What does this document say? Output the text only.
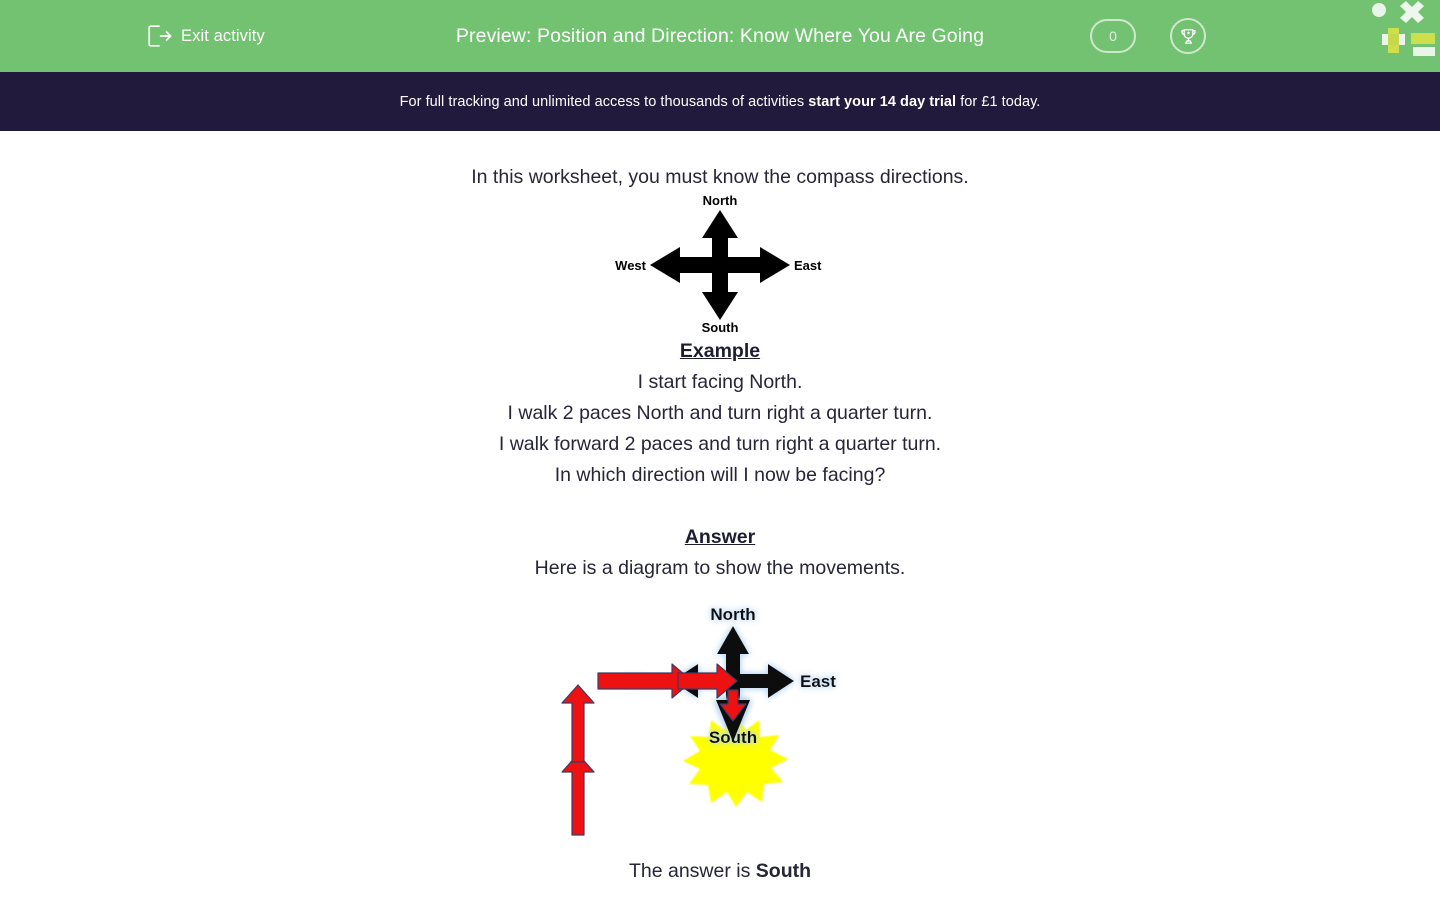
Exit activity	Preview: Position and Direction: Know Where You Are Going	0
For full tracking and unlimited access to thousands of activities start your 14 day trial for £1 today.
In this worksheet, you must know the compass directions.
North
South
West	East
Example
I start facing North.
I walk 2 paces North and turn right a quarter turn.
I walk forward 2 paces and turn right a quarter turn.
In which direction will I now be facing?
Answer
Here is a diagram to show the movements.
North
East
South
The answer is South
